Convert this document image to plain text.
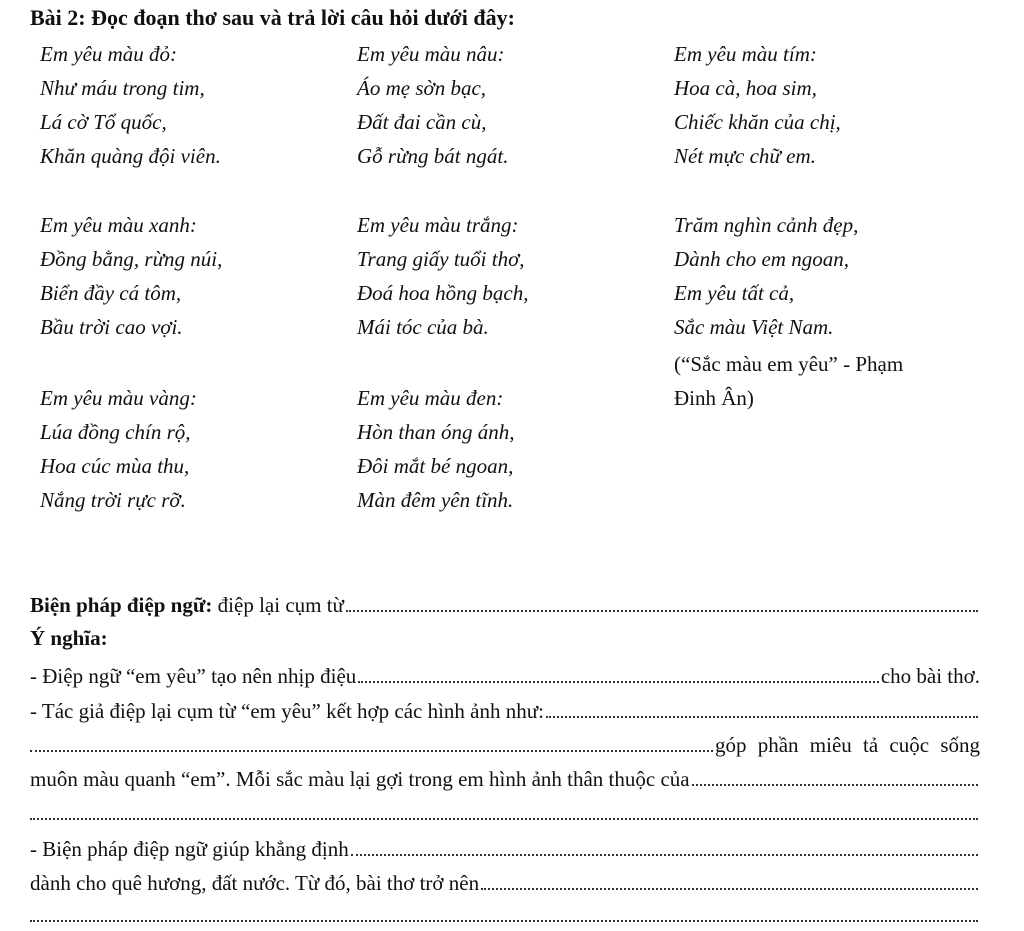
Bài 2: Đọc đoạn thơ sau và trả lời câu hỏi dưới đây:
Em yêu màu đỏ:
Như máu trong tim,
Lá cờ Tổ quốc,
Khăn quàng đội viên.
Em yêu màu nâu:
Áo mẹ sờn bạc,
Đất đai cần cù,
Gỗ rừng bát ngát.
Em yêu màu tím:
Hoa cà, hoa sim,
Chiếc khăn của chị,
Nét mực chữ em.
Em yêu màu xanh:
Đồng bằng, rừng núi,
Biển đầy cá tôm,
Bầu trời cao vợi.
Em yêu màu trắng:
Trang giấy tuổi thơ,
Đoá hoa hồng bạch,
Mái tóc của bà.
Trăm nghìn cảnh đẹp,
Dành cho em ngoan,
Em yêu tất cả,
Sắc màu Việt Nam.
(“Sắc màu em yêu” - Phạm
Đinh Ân)
Em yêu màu vàng:
Lúa đồng chín rộ,
Hoa cúc mùa thu,
Nắng trời rực rỡ.
Em yêu màu đen:
Hòn than óng ánh,
Đôi mắt bé ngoan,
Màn đêm yên tĩnh.
Biện pháp điệp ngữ:
điệp lại cụm từ
Ý nghĩa:
- Điệp ngữ “em yêu” tạo nên nhịp điệu	cho bài thơ.
- Tác giả điệp lại cụm từ “em yêu” kết hợp các hình ảnh như:
góp phần miêu tả cuộc sống
muôn màu quanh “em”. Mỗi sắc màu lại gợi trong em hình ảnh thân thuộc của
- Biện pháp điệp ngữ giúp khẳng định
dành cho quê hương, đất nước. Từ đó, bài thơ trở nên
